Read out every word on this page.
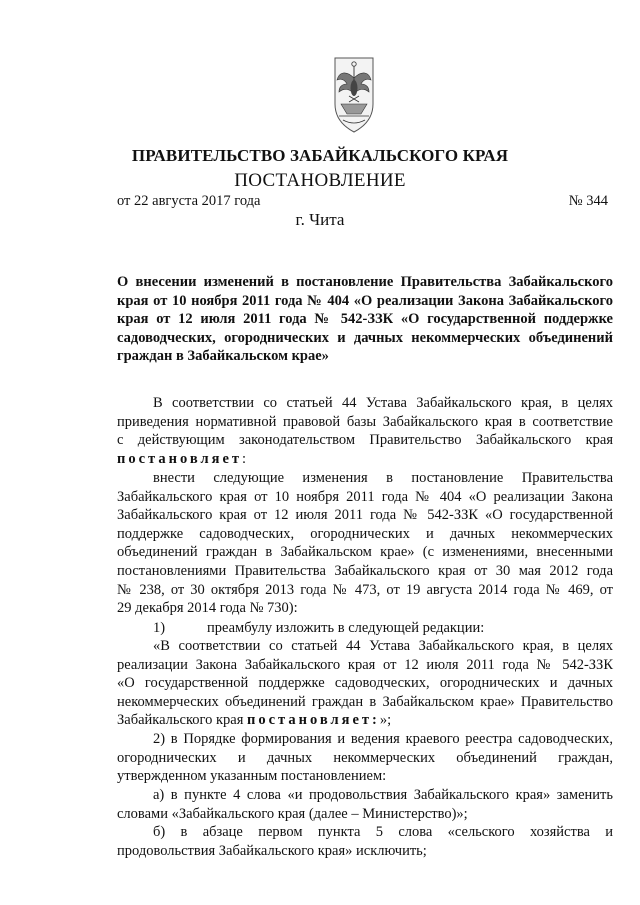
ПРАВИТЕЛЬСТВО ЗАБАЙКАЛЬСКОГО КРАЯ
ПОСТАНОВЛЕНИЕ
от 22 августа 2017 года	№ 344
г. Чита
О внесении изменений в постановление Правительства Забайкальского
края от 10 ноября 2011 года № 404 «О реализации Закона Забайкальского
края от 12 июля 2011 года № 542-ЗЗК «О государственной поддержке
садоводческих, огороднических и дачных некоммерческих объединений
граждан в Забайкальском крае»
В соответствии со статьей 44 Устава Забайкальского края, в целях
приведения нормативной правовой базы Забайкальского края в соответствие
с действующим законодательством Правительство Забайкальского края
постановляет:
внести следующие изменения в постановление Правительства
Забайкальского края от 10 ноября 2011 года № 404 «О реализации Закона
Забайкальского края от 12 июля 2011 года № 542-ЗЗК «О государственной
поддержке садоводческих, огороднических и дачных некоммерческих
объединений граждан в Забайкальском крае» (с изменениями, внесенными
постановлениями Правительства Забайкальского края от 30 мая 2012 года
№ 238, от 30 октября 2013 года № 473, от 19 августа 2014 года № 469, от
29 декабря 2014 года № 730):
1)	преамбулу изложить в следующей редакции:
«В соответствии со статьей 44 Устава Забайкальского края, в целях
реализации Закона Забайкальского края от 12 июля 2011 года № 542-ЗЗК
«О государственной поддержке садоводческих, огороднических и дачных
некоммерческих объединений граждан в Забайкальском крае» Правительство
Забайкальского края постановляет:»;
2) в Порядке формирования и ведения краевого реестра садоводческих,
огороднических и дачных некоммерческих объединений граждан,
утвержденном указанным постановлением:
а) в пункте 4 слова «и продовольствия Забайкальского края» заменить
словами «Забайкальского края (далее – Министерство)»;
б) в абзаце первом пункта 5 слова «сельского хозяйства и
продовольствия Забайкальского края» исключить;
